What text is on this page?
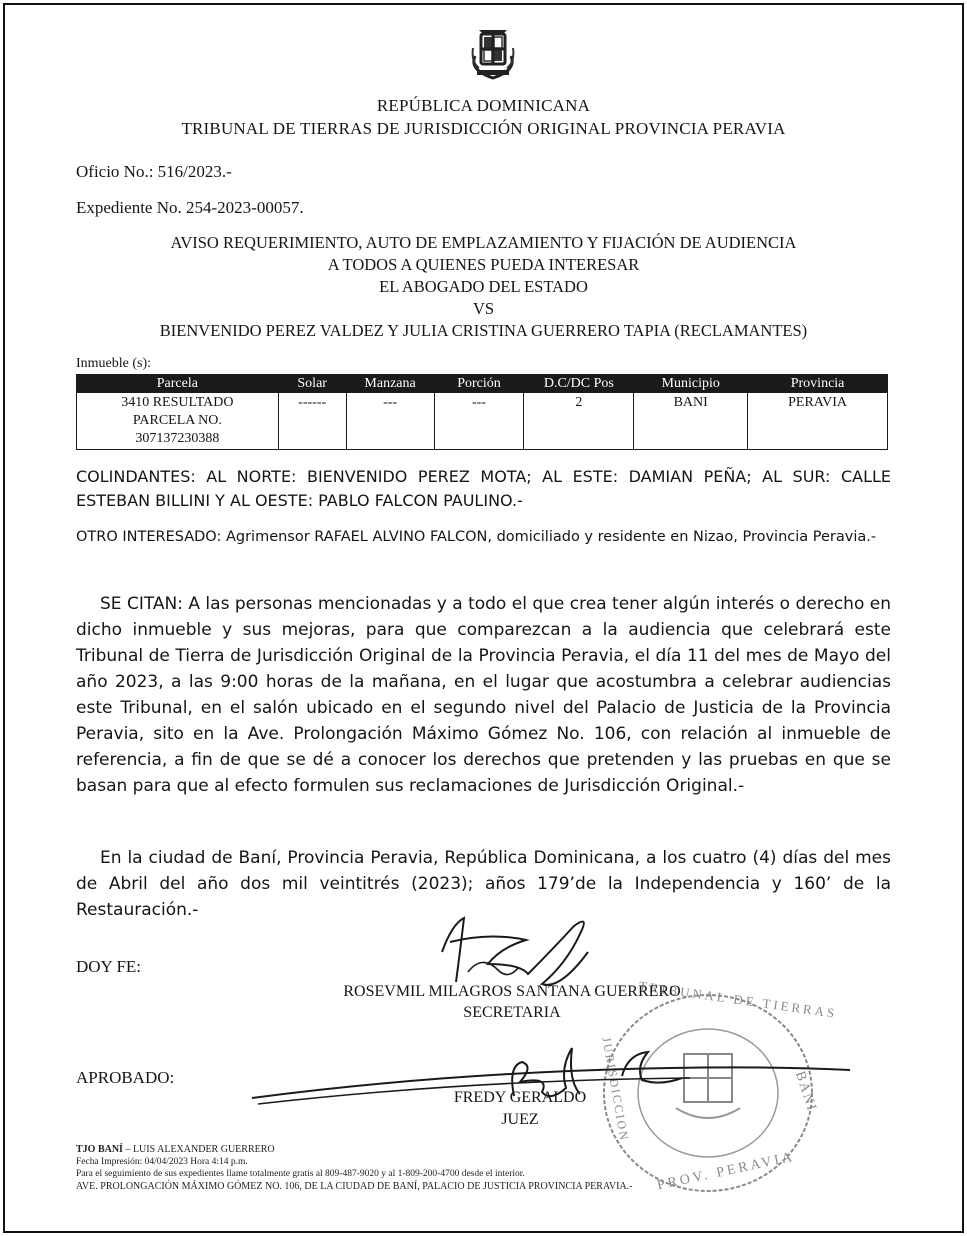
REPÚBLICA DOMINICANA
TRIBUNAL DE TIERRAS DE JURISDICCIÓN ORIGINAL PROVINCIA PERAVIA
Oficio No.: 516/2023.-
Expediente No. 254-2023-00057.
AVISO REQUERIMIENTO, AUTO DE EMPLAZAMIENTO Y FIJACIÓN DE AUDIENCIA
A TODOS A QUIENES PUEDA INTERESAR
EL ABOGADO DEL ESTADO
VS
BIENVENIDO PEREZ VALDEZ Y JULIA CRISTINA GUERRERO TAPIA (RECLAMANTES)
Inmueble (s):
Parcela	Solar	Manzana	Porción	D.C/DC Pos	Municipio	Provincia

3410 RESULTADO
PARCELA NO.
307137230388	------	---	---	2	BANI	PERAVIA
COLINDANTES: AL NORTE: BIENVENIDO PEREZ MOTA; AL ESTE: DAMIAN PEÑA; AL SUR: CALLE ESTEBAN BILLINI Y AL OESTE: PABLO FALCON PAULINO.-
OTRO INTERESADO: Agrimensor RAFAEL ALVINO FALCON, domiciliado y residente en Nizao, Provincia Peravia.-
SE CITAN: A las personas mencionadas y a todo el que crea tener algún interés o derecho en dicho inmueble y sus mejoras, para que comparezcan a la audiencia que celebrará este Tribunal de Tierra de Jurisdicción Original de la Provincia Peravia, el día 11 del mes de Mayo del año 2023, a las 9:00 horas de la mañana, en el lugar que acostumbra a celebrar audiencias este Tribunal, en el salón ubicado en el segundo nivel del Palacio de Justicia de la Provincia Peravia, sito en la Ave. Prolongación Máximo Gómez No. 106, con relación al inmueble de referencia, a fin de que se dé a conocer los derechos que pretenden y las pruebas en que se basan para que al efecto formulen sus reclamaciones de Jurisdicción Original.-
En la ciudad de Baní, Provincia Peravia, República Dominicana, a los cuatro (4) días del mes de Abril del año dos mil veintitrés (2023); años 179’de la Independencia y 160’ de la Restauración.-
DOY FE:
TRIBUNAL DE TIERRAS
BANI
PROV. PERAVIA
JURISDICCION
ROSEVMIL MILAGROS SANTANA GUERRERO
SECRETARIA
APROBADO:
FREDY GERALDO
JUEZ
TJO BANÍ – LUIS ALEXANDER GUERRERO
Fecha Impresión: 04/04/2023 Hora 4:14 p.m.
Para el seguimiento de sus expedientes llame totalmente gratis al 809-487-9020 y al 1-809-200-4700 desde el interior.
AVE. PROLONGACIÓN MÁXIMO GÓMEZ NO. 106, DE LA CIUDAD DE BANÍ, PALACIO DE JUSTICIA PROVINCIA PERAVIA.-
